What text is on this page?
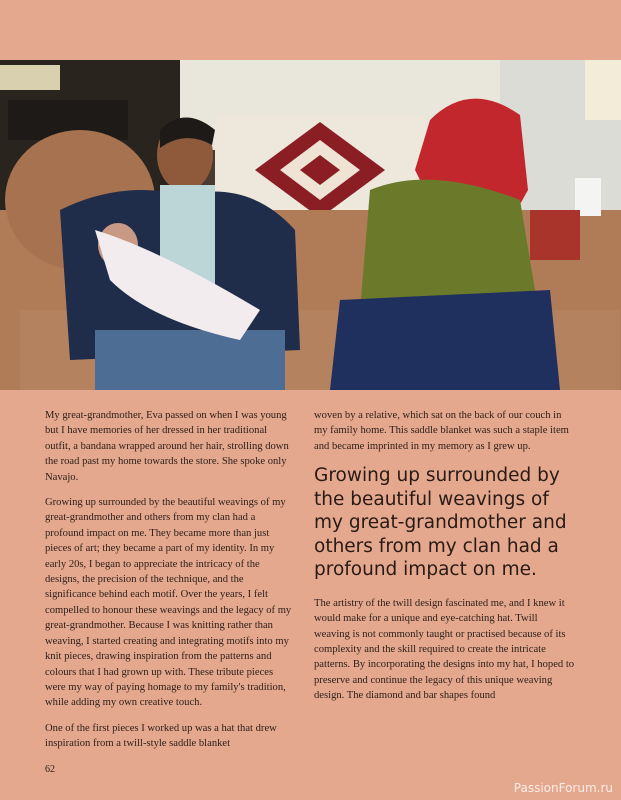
My great-grandmother, Eva passed on when I was young but I have memories of her dressed in her traditional outfit, a bandana wrapped around her hair, strolling down the road past my home towards the store. She spoke only Navajo.

Growing up surrounded by the beautiful weavings of my great-grandmother and others from my clan had a profound impact on me. They became more than just pieces of art; they became a part of my identity. In my early 20s, I began to appreciate the intricacy of the designs, the precision of the technique, and the significance behind each motif. Over the years, I felt compelled to honour these weavings and the legacy of my great-grandmother. Because I was knitting rather than weaving, I started creating and integrating motifs into my knit pieces, drawing inspiration from the patterns and colours that I had grown up with. These tribute pieces were my way of paying homage to my family's tradition, while adding my own creative touch.

One of the first pieces I worked up was a hat that drew inspiration from a twill-style saddle blanket

woven by a relative, which sat on the back of our couch in my family home. This saddle blanket was such a staple item and became imprinted in my memory as I grew up.

Growing up surrounded by the beautiful weavings of my great-grandmother and others from my clan had a profound impact on me.

The artistry of the twill design fascinated me, and I knew it would make for a unique and eye-catching hat. Twill weaving is not commonly taught or practised because of its complexity and the skill required to create the intricate patterns. By incorporating the designs into my hat, I hoped to preserve and continue the legacy of this unique weaving design. The diamond and bar shapes found

62
PassionForum.ru
